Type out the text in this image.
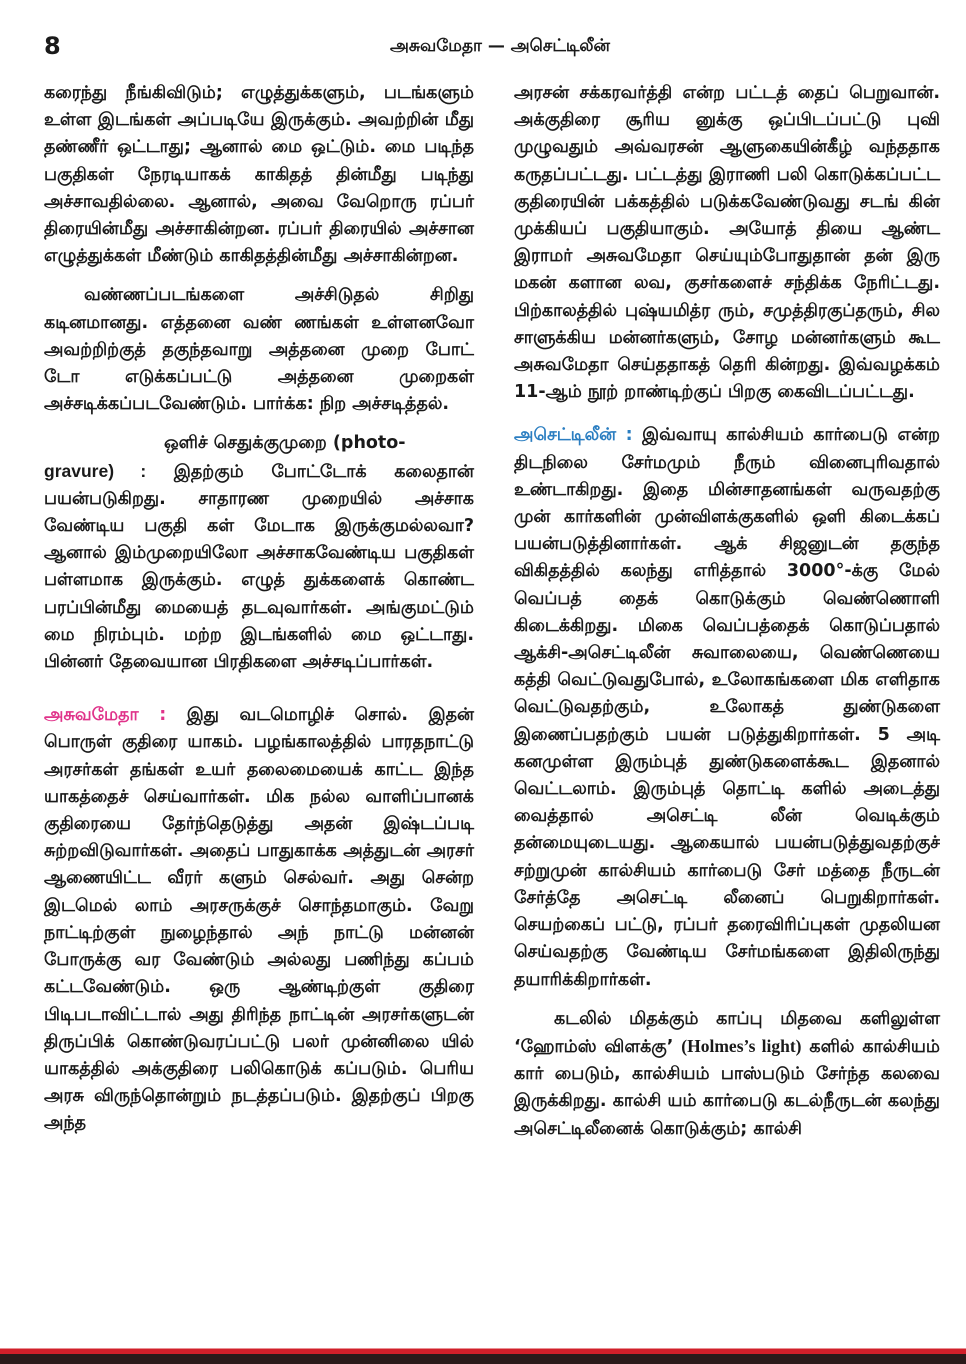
8	அசுவமேதா — அசெட்டிலீன்

கரைந்து நீங்கிவிடும்; எழுத்துக்களும், படங்களும் உள்ள இடங்கள் அப்படியே இருக்கும். அவற்றின் மீது தண்ணீர் ஒட்டாது; ஆனால் மை ஒட்டும். மை படிந்த பகுதிகள் நேரடியாகக் காகிதத் தின்மீது படிந்து அச்சாவதில்லை. ஆனால், அவை வேறொரு ரப்பர் திரையின்மீது அச்சாகின்றன. ரப்பர் திரையில் அச்சான எழுத்துக்கள் மீண்டும் காகிதத்தின்மீது அச்சாகின்றன.

வண்ணப்படங்களை அச்சிடுதல் சிறிது கடினமானது. எத்தனை வண் ணங்கள் உள்ளனவோ அவற்றிற்குத் தகுந்தவாறு அத்தனை முறை போட் டோ எடுக்கப்பட்டு அத்தனை முறைகள் அச்சடிக்கப்படவேண்டும். பார்க்க: நிற அச்சடித்தல்.

ஒளிச் செதுக்குமுறை (photo-
gravure) : இதற்கும் போட்டோக் கலைதான் பயன்படுகிறது. சாதாரண முறையில் அச்சாக வேண்டிய பகுதி கள் மேடாக இருக்குமல்லவா? ஆனால் இம்முறையிலோ அச்சாகவேண்டிய பகுதிகள் பள்ளமாக இருக்கும். எழுத் துக்களைக் கொண்ட பரப்பின்மீது மையைத் தடவுவார்கள். அங்குமட்டும் மை நிரம்பும். மற்ற இடங்களில் மை ஒட்டாது. பின்னர் தேவையான பிரதிகளை அச்சடிப்பார்கள்.

அசுவமேதா : இது வடமொழிச் சொல். இதன் பொருள் குதிரை யாகம். பழங்காலத்தில் பாரதநாட்டு அரசர்கள் தங்கள் உயர் தலைமையைக் காட்ட இந்த யாகத்தைச் செய்வார்கள். மிக நல்ல வாளிப்பானக் குதிரையை தேர்ந்தெடுத்து அதன் இஷ்டப்படி சுற்றவிடுவார்கள். அதைப் பாதுகாக்க அத்துடன் அரசர் ஆணையிட்ட வீரர் களும் செல்வர். அது சென்ற இடமெல் லாம் அரசருக்குச் சொந்தமாகும். வேறு நாட்டிற்குள் நுழைந்தால் அந் நாட்டு மன்னன் போருக்கு வர வேண்டும் அல்லது பணிந்து கப்பம் கட்டவேண்டும். ஒரு ஆண்டிற்குள் குதிரை பிடிபடாவிட்டால் அது திரிந்த நாட்டின் அரசர்களுடன் திருப்பிக் கொண்டுவரப்பட்டு பலர் முன்னிலை யில் யாகத்தில் அக்குதிரை பலிகொடுக் கப்படும். பெரிய அரசு விருந்தொன்றும் நடத்தப்படும். இதற்குப் பிறகு அந்த

அரசன் சக்கரவர்த்தி என்ற பட்டத் தைப் பெறுவான். அக்குதிரை சூரிய னுக்கு ஒப்பிடப்பட்டு புவி முழுவதும் அவ்வரசன் ஆளுகையின்கீழ் வந்ததாக கருதப்பட்டது. பட்டத்து இராணி பலி கொடுக்கப்பட்ட குதிரையின் பக்கத்தில் படுக்கவேண்டுவது சடங் கின் முக்கியப் பகுதியாகும். அயோத் தியை ஆண்ட இராமர் அசுவமேதா செய்யும்போதுதான் தன் இரு மகன் களான லவ, குசர்களைச் சந்திக்க நேரிட்டது. பிற்காலத்தில் புஷ்யமித்ர ரும், சமுத்திரகுப்தரும், சில சாளுக்கிய மன்னர்களும், சோழ மன்னர்களும் கூட அசுவமேதா செய்ததாகத் தெரி கின்றது. இவ்வழக்கம் 11-ஆம் நூற் றாண்டிற்குப் பிறகு கைவிடப்பட்டது.

அசெட்டிலீன் : இவ்வாயு கால்சியம் கார்பைடு என்ற திடநிலை சேர்மமும் நீரும் வினைபுரிவதால் உண்டாகிறது. இதை மின்சாதனங்கள் வருவதற்கு முன் கார்களின் முன்விளக்குகளில் ஒளி கிடைக்கப் பயன்படுத்தினார்கள். ஆக் சிஜனுடன் தகுந்த விகிதத்தில் கலந்து எரித்தால் 3000°-க்கு மேல் வெப்பத் தைக் கொடுக்கும் வெண்ணொளி கிடைக்கிறது. மிகை வெப்பத்தைக் கொடுப்பதால் ஆக்சி-அசெட்டிலீன் சுவாலையை, வெண்ணெயை கத்தி வெட்டுவதுபோல், உலோகங்களை மிக எளிதாக வெட்டுவதற்கும், உலோகத் துண்டுகளை இணைப்பதற்கும் பயன் படுத்துகிறார்கள். 5 அடி கனமுள்ள இரும்புத் துண்டுகளைக்கூட இதனால் வெட்டலாம். இரும்புத் தொட்டி களில் அடைத்து வைத்தால் அசெட்டி லீன் வெடிக்கும் தன்மையுடையது. ஆகையால் பயன்படுத்துவதற்குச் சற்றுமுன் கால்சியம் கார்பைடு சேர் மத்தை நீருடன் சேர்த்தே அசெட்டி லீனைப் பெறுகிறார்கள். செயற்கைப் பட்டு, ரப்பர் தரைவிரிப்புகள் முதலியன செய்வதற்கு வேண்டிய சேர்மங்களை இதிலிருந்து தயாரிக்கிறார்கள்.

கடலில் மிதக்கும் காப்பு மிதவை களிலுள்ள ‘ஹோம்ஸ் விளக்கு’ (Holmes’s light) களில் கால்சியம் கார் பைடும், கால்சியம் பாஸ்படும் சேர்ந்த கலவை இருக்கிறது. கால்சி யம் கார்பைடு கடல்நீருடன் கலந்து அசெட்டிலீனைக் கொடுக்கும்; கால்சி
